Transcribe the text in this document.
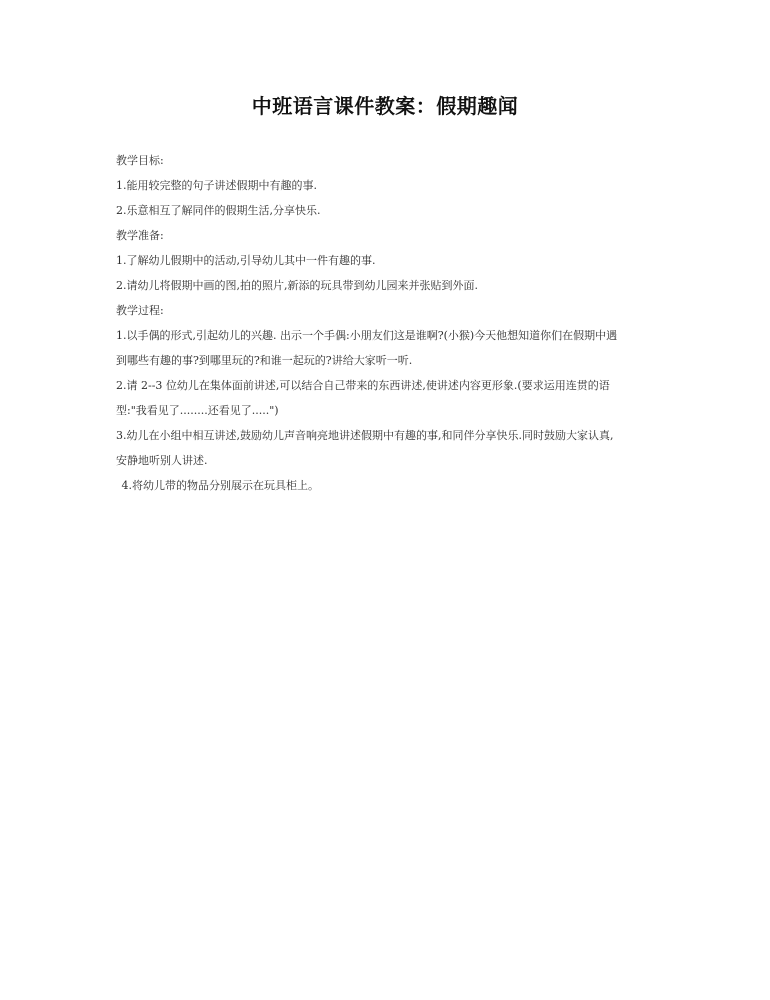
中班语言课件教案：假期趣闻
教学目标:
1.能用较完整的句子讲述假期中有趣的事.
2.乐意相互了解同伴的假期生活,分享快乐.
教学准备:
1.了解幼儿假期中的活动,引导幼儿其中一件有趣的事.
2.请幼儿将假期中画的图,拍的照片,新添的玩具带到幼儿园来并张贴到外面.
教学过程:
1.以手偶的形式,引起幼儿的兴趣. 出示一个手偶:小朋友们这是谁啊?(小猴)今天他想知道你们在假期中遇
到哪些有趣的事?到哪里玩的?和谁一起玩的?讲给大家听一听.
2.请 2--3 位幼儿在集体面前讲述,可以结合自己带来的东西讲述,使讲述内容更形象.(要求运用连贯的语
型:"我看见了........还看见了.....")
3.幼儿在小组中相互讲述,鼓励幼儿声音响亮地讲述假期中有趣的事,和同伴分享快乐.同时鼓励大家认真,
安静地听别人讲述.
4.将幼儿带的物品分别展示在玩具柜上。
